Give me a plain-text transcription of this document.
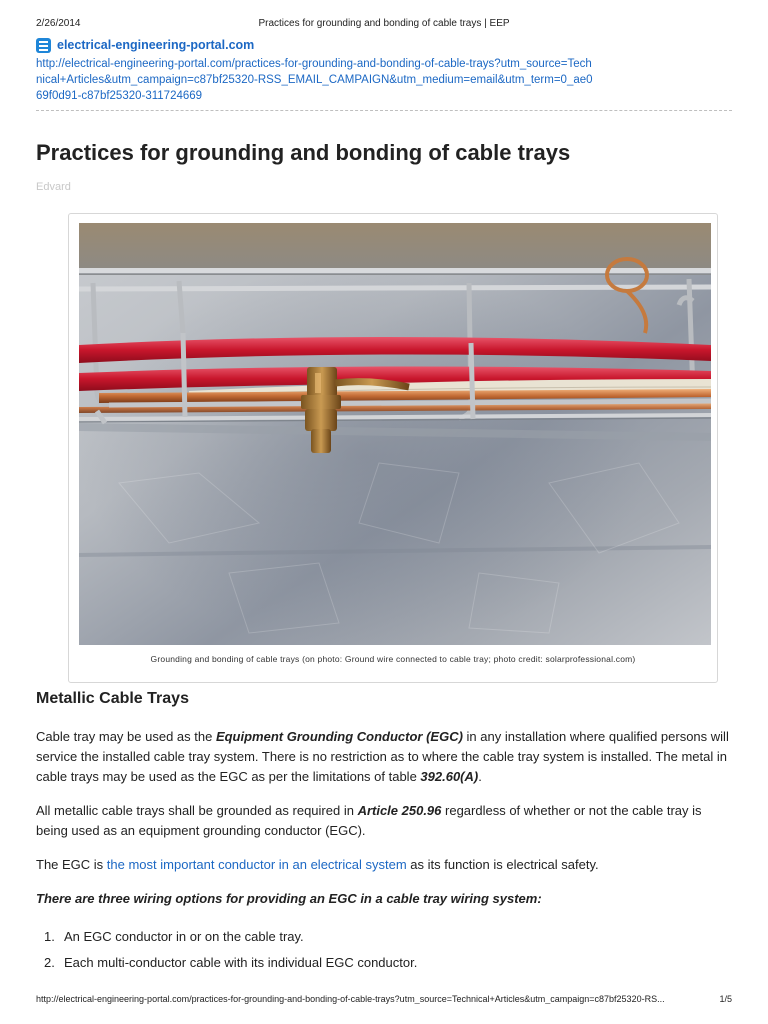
2/26/2014	Practices for grounding and bonding of cable trays | EEP
electrical-engineering-portal.com
http://electrical-engineering-portal.com/practices-for-grounding-and-bonding-of-cable-trays?utm_source=Technical+Articles&utm_campaign=c87bf25320-RSS_EMAIL_CAMPAIGN&utm_medium=email&utm_term=0_ae069f0d91-c87bf25320-311724669
Practices for grounding and bonding of cable trays
Edvard
Grounding and bonding of cable trays (on photo: Ground wire connected to cable tray; photo credit: solarprofessional.com)
Metallic Cable Trays

Cable tray may be used as the Equipment Grounding Conductor (EGC) in any installation where qualified persons will service the installed cable tray system. There is no restriction as to where the cable tray system is installed. The metal in cable trays may be used as the EGC as per the limitations of table 392.60(A).

All metallic cable trays shall be grounded as required in Article 250.96 regardless of whether or not the cable tray is being used as an equipment grounding conductor (EGC).

The EGC is the most important conductor in an electrical system as its function is electrical safety.

There are three wiring options for providing an EGC in a cable tray wiring system:

1. An EGC conductor in or on the cable tray.
2. Each multi-conductor cable with its individual EGC conductor.
http://electrical-engineering-portal.com/practices-for-grounding-and-bonding-of-cable-trays?utm_source=Technical+Articles&utm_campaign=c87bf25320-RS...	1/5
